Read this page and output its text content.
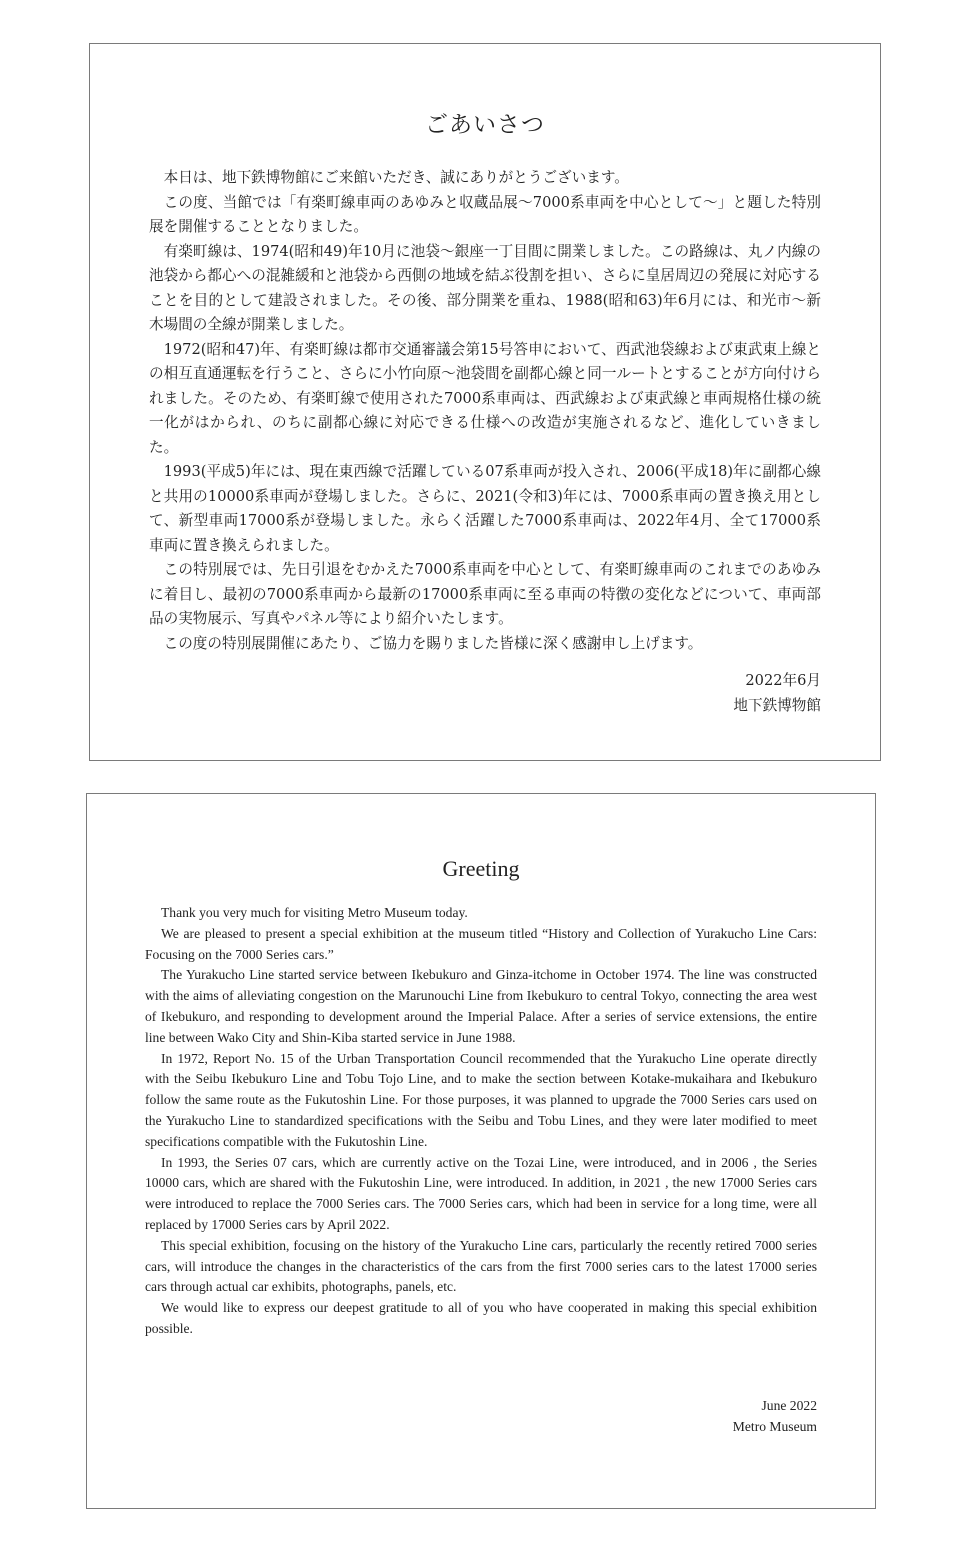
ごあいさつ

本日は、地下鉄博物館にご来館いただき、誠にありがとうございます。

この度、当館では「有楽町線車両のあゆみと収蔵品展～7000系車両を中心として～」と題した特別展を開催することとなりました。

有楽町線は、1974(昭和49)年10月に池袋～銀座一丁目間に開業しました。この路線は、丸ノ内線の池袋から都心への混雑緩和と池袋から西側の地域を結ぶ役割を担い、さらに皇居周辺の発展に対応することを目的として建設されました。その後、部分開業を重ね、1988(昭和63)年6月には、和光市～新木場間の全線が開業しました。

1972(昭和47)年、有楽町線は都市交通審議会第15号答申において、西武池袋線および東武東上線との相互直通運転を行うこと、さらに小竹向原～池袋間を副都心線と同一ルートとすることが方向付けられました。そのため、有楽町線で使用された7000系車両は、西武線および東武線と車両規格仕様の統一化がはかられ、のちに副都心線に対応できる仕様への改造が実施されるなど、進化していきました。

1993(平成5)年には、現在東西線で活躍している07系車両が投入され、2006(平成18)年に副都心線と共用の10000系車両が登場しました。さらに、2021(令和3)年には、7000系車両の置き換え用として、新型車両17000系が登場しました。永らく活躍した7000系車両は、2022年4月、全て17000系車両に置き換えられました。

この特別展では、先日引退をむかえた7000系車両を中心として、有楽町線車両のこれまでのあゆみに着目し、最初の7000系車両から最新の17000系車両に至る車両の特徴の変化などについて、車両部品の実物展示、写真やパネル等により紹介いたします。

この度の特別展開催にあたり、ご協力を賜りました皆様に深く感謝申し上げます。

2022年6月
地下鉄博物館
Greeting

Thank you very much for visiting Metro Museum today.

We are pleased to present a special exhibition at the museum titled “History and Collection of Yurakucho Line Cars: Focusing on the 7000 Series cars.”

The Yurakucho Line started service between Ikebukuro and Ginza-itchome in October 1974. The line was constructed with the aims of alleviating congestion on the Marunouchi Line from Ikebukuro to central Tokyo, connecting the area west of Ikebukuro, and responding to development around the Imperial Palace. After a series of service extensions, the entire line between Wako City and Shin-Kiba started service in June 1988.

In 1972, Report No. 15 of the Urban Transportation Council recommended that the Yurakucho Line operate directly with the Seibu Ikebukuro Line and Tobu Tojo Line, and to make the section between Kotake-mukaihara and Ikebukuro follow the same route as the Fukutoshin Line. For those purposes, it was planned to upgrade the 7000 Series cars used on the Yurakucho Line to standardized specifications with the Seibu and Tobu Lines, and they were later modified to meet specifications compatible with the Fukutoshin Line.

In 1993, the Series 07 cars, which are currently active on the Tozai Line, were introduced, and in 2006 , the Series 10000 cars, which are shared with the Fukutoshin Line, were introduced. In addition, in 2021 , the new 17000 Series cars were introduced to replace the 7000 Series cars. The 7000 Series cars, which had been in service for a long time, were all replaced by 17000 Series cars by April 2022.

This special exhibition, focusing on the history of the Yurakucho Line cars, particularly the recently retired 7000 series cars, will introduce the changes in the characteristics of the cars from the first 7000 series cars to the latest 17000 series cars through actual car exhibits, photographs, panels, etc.

We would like to express our deepest gratitude to all of you who have cooperated in making this special exhibition possible.

June 2022
Metro Museum
